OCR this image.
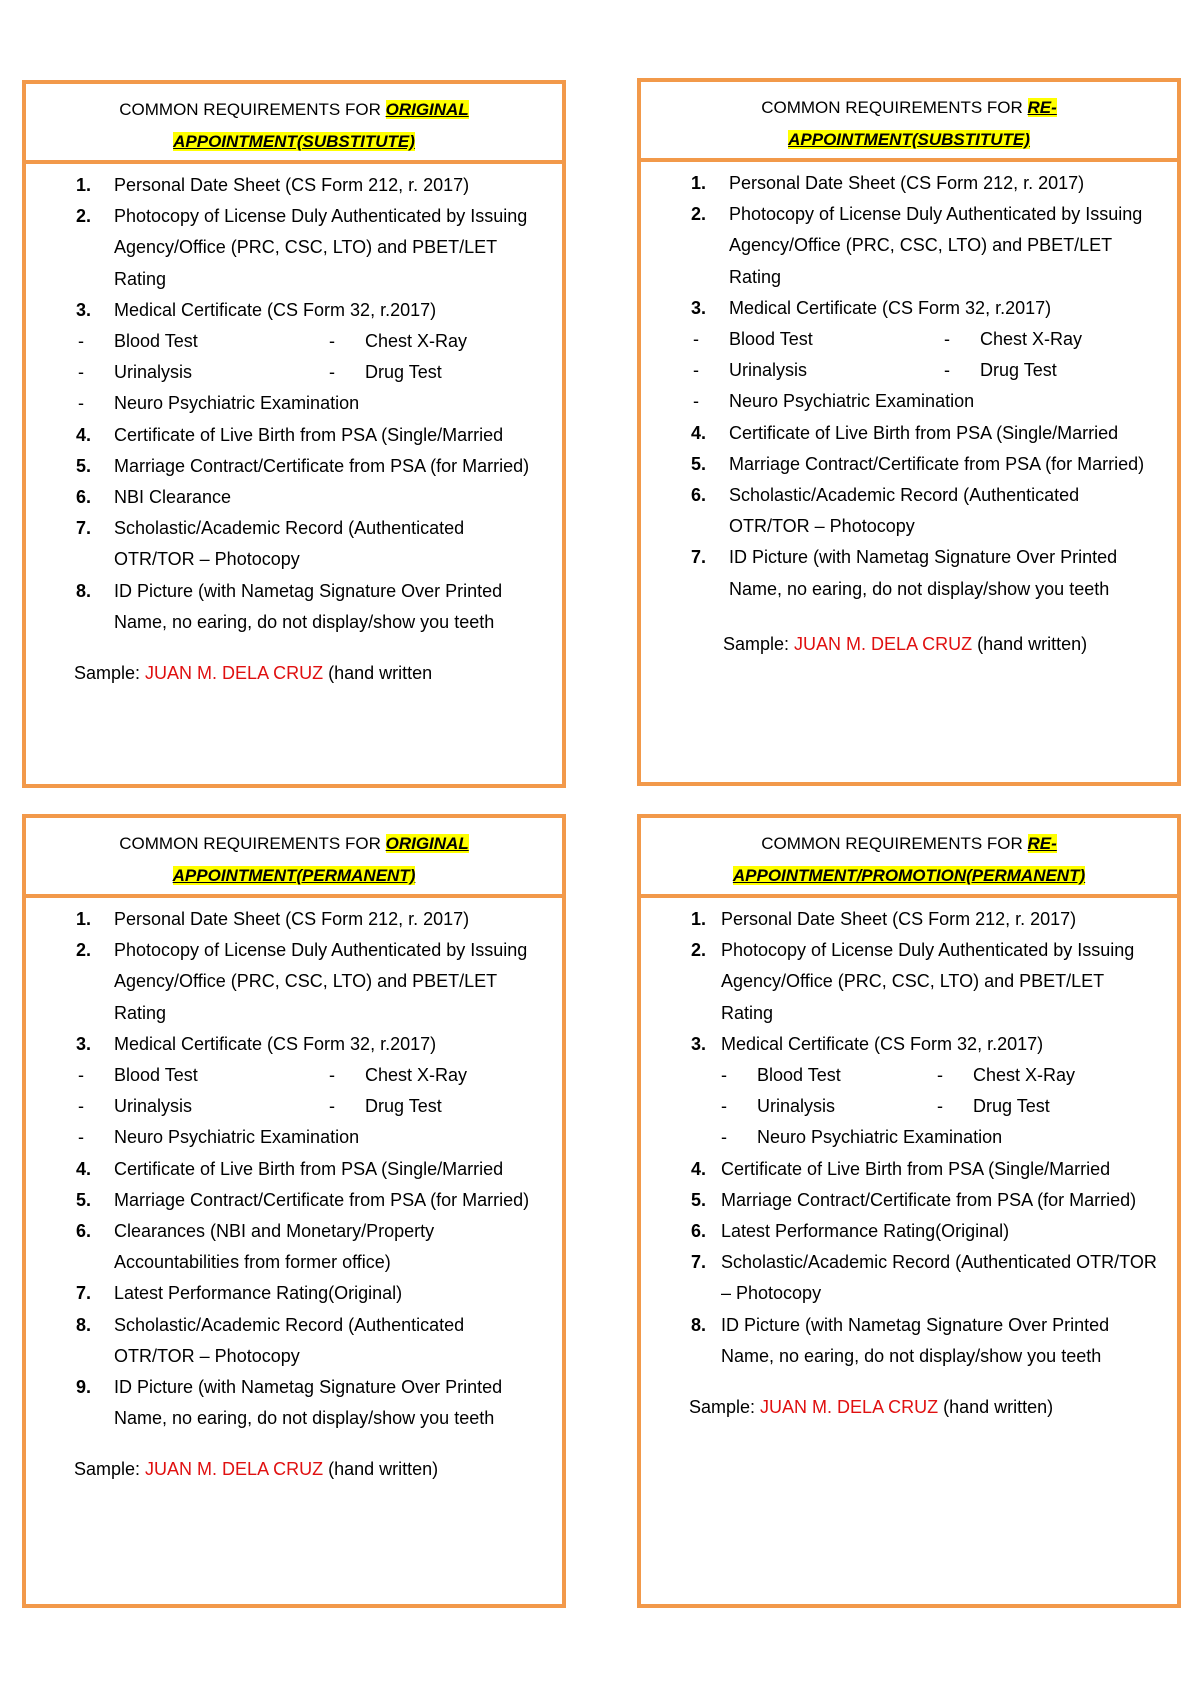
COMMON REQUIREMENTS FOR ORIGINAL
APPOINTMENT(SUBSTITUTE)
1. Personal Date Sheet (CS Form 212, r. 2017)
2. Photocopy of License Duly Authenticated by Issuing Agency/Office (PRC, CSC, LTO) and PBET/LET Rating
3. Medical Certificate (CS Form 32, r.2017)
-	Blood Test	-	Chest X-Ray
-	Urinalysis	-	Drug Test
-	Neuro Psychiatric Examination
4. Certificate of Live Birth from PSA (Single/Married
5. Marriage Contract/Certificate from PSA (for Married)
6. NBI Clearance
7. Scholastic/Academic Record (Authenticated OTR/TOR – Photocopy
8. ID Picture (with Nametag Signature Over Printed Name, no earing, do not display/show you teeth
Sample: JUAN M. DELA CRUZ (hand written
COMMON REQUIREMENTS FOR RE-
APPOINTMENT(SUBSTITUTE)
1. Personal Date Sheet (CS Form 212, r. 2017)
2. Photocopy of License Duly Authenticated by Issuing Agency/Office (PRC, CSC, LTO) and PBET/LET Rating
3. Medical Certificate (CS Form 32, r.2017)
-	Blood Test	-	Chest X-Ray
-	Urinalysis	-	Drug Test
-	Neuro Psychiatric Examination
4. Certificate of Live Birth from PSA (Single/Married
5. Marriage Contract/Certificate from PSA (for Married)
6. Scholastic/Academic Record (Authenticated OTR/TOR – Photocopy
7. ID Picture (with Nametag Signature Over Printed Name, no earing, do not display/show you teeth
Sample: JUAN M. DELA CRUZ (hand written)
COMMON REQUIREMENTS FOR ORIGINAL
APPOINTMENT(PERMANENT)
1. Personal Date Sheet (CS Form 212, r. 2017)
2. Photocopy of License Duly Authenticated by Issuing Agency/Office (PRC, CSC, LTO) and PBET/LET Rating
3. Medical Certificate (CS Form 32, r.2017)
-	Blood Test	-	Chest X-Ray
-	Urinalysis	-	Drug Test
-	Neuro Psychiatric Examination
4. Certificate of Live Birth from PSA (Single/Married
5. Marriage Contract/Certificate from PSA (for Married)
6. Clearances (NBI and Monetary/Property Accountabilities from former office)
7. Latest Performance Rating(Original)
8. Scholastic/Academic Record (Authenticated OTR/TOR – Photocopy
9. ID Picture (with Nametag Signature Over Printed Name, no earing, do not display/show you teeth
Sample: JUAN M. DELA CRUZ (hand written)
COMMON REQUIREMENTS FOR RE-
APPOINTMENT/PROMOTION(PERMANENT)
1. Personal Date Sheet (CS Form 212, r. 2017)
2. Photocopy of License Duly Authenticated by Issuing Agency/Office (PRC, CSC, LTO) and PBET/LET Rating
3. Medical Certificate (CS Form 32, r.2017)
-	Blood Test	-	Chest X-Ray
-	Urinalysis	-	Drug Test
-	Neuro Psychiatric Examination
4. Certificate of Live Birth from PSA (Single/Married
5. Marriage Contract/Certificate from PSA (for Married)
6. Latest Performance Rating(Original)
7. Scholastic/Academic Record (Authenticated OTR/TOR – Photocopy
8. ID Picture (with Nametag Signature Over Printed Name, no earing, do not display/show you teeth
Sample: JUAN M. DELA CRUZ (hand written)
